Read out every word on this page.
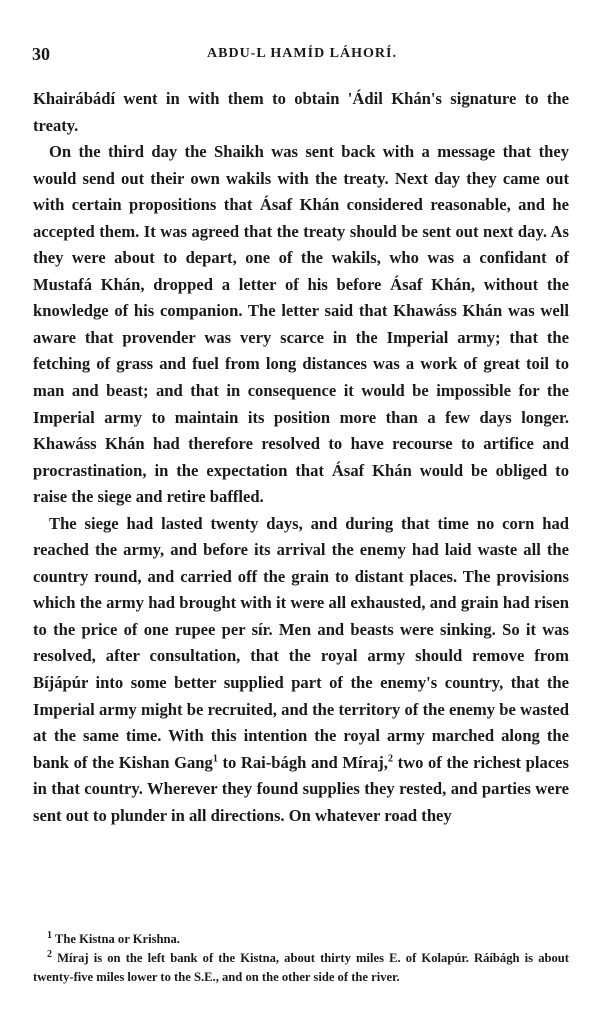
30	ABDU-L HAMÍD LÁHORÍ.

Khairábádí went in with them to obtain 'Ádil Khán's signature to the treaty.

On the third day the Shaikh was sent back with a message that they would send out their own wakils with the treaty. Next day they came out with certain propositions that Ásaf Khán considered reasonable, and he accepted them. It was agreed that the treaty should be sent out next day. As they were about to depart, one of the wakils, who was a confidant of Mustafá Khán, dropped a letter of his before Ásaf Khán, without the knowledge of his companion. The letter said that Khawáss Khán was well aware that provender was very scarce in the Imperial army; that the fetching of grass and fuel from long distances was a work of great toil to man and beast; and that in consequence it would be impossible for the Imperial army to maintain its position more than a few days longer. Khawáss Khán had therefore resolved to have recourse to artifice and procrastination, in the expectation that Ásaf Khán would be obliged to raise the siege and retire baffled.

The siege had lasted twenty days, and during that time no corn had reached the army, and before its arrival the enemy had laid waste all the country round, and carried off the grain to distant places. The provisions which the army had brought with it were all exhausted, and grain had risen to the price of one rupee per sír. Men and beasts were sinking. So it was resolved, after consultation, that the royal army should remove from Bíjápúr into some better supplied part of the enemy's country, that the Imperial army might be recruited, and the territory of the enemy be wasted at the same time. With this intention the royal army marched along the bank of the Kishan Gang$^1$ to Rai-bágh and Míraj,$^2$ two of the richest places in that country. Wherever they found supplies they rested, and parties were sent out to plunder in all directions. On whatever road they

$^1$ The Kistna or Krishna.

$^2$ Míraj is on the left bank of the Kistna, about thirty miles E. of Kolapúr. Ráíbágh is about twenty-five miles lower to the S.E., and on the other side of the river.
